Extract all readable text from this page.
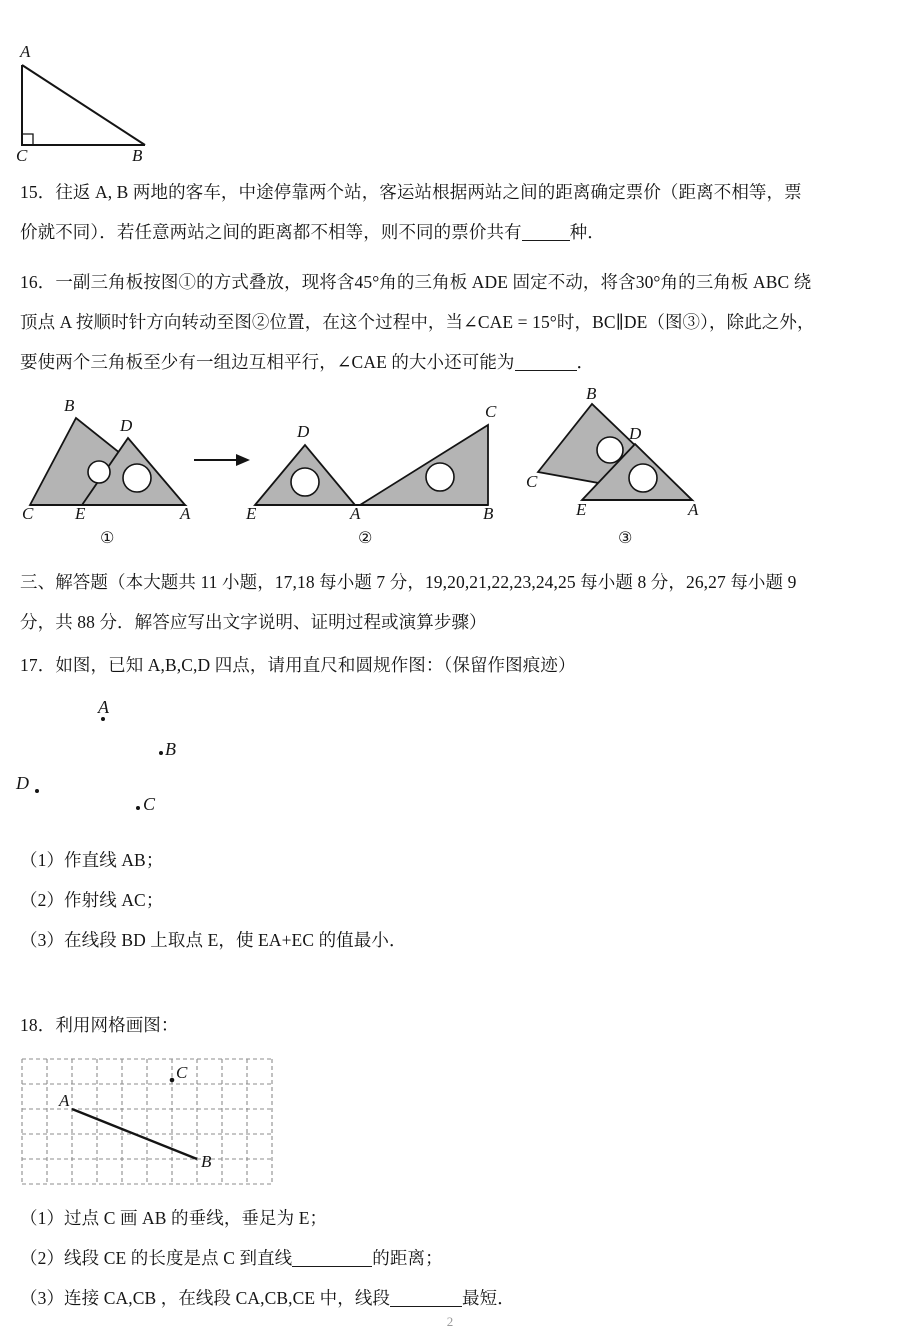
A
C	B
15．往返 A, B 两地的客车，中途停靠两个站，客运站根据两站之间的距离确定票价（距离不相等，票
价就不同）．若任意两站之间的距离都不相等，则不同的票价共有	种．
16．一副三角板按图①的方式叠放，现将含45°角的三角板 ADE 固定不动，将含30°角的三角板 ABC 绕
顶点 A 按顺时针方向转动至图②位置，在这个过程中，当∠CAE = 15°时，BC∥DE（图③），除此之外，
要使两个三角板至少有一组边互相平行，∠CAE 的大小还可能为	．
B
D
C E	A
①
D
C
E	A	B
②
B
D
C
E	A
③
三、解答题（本大题共 11 小题，17,18 每小题 7 分，19,20,21,22,23,24,25 每小题 8 分，26,27 每小题 9
分，共 88 分．解答应写出文字说明、证明过程或演算步骤）
17．如图，已知 A,B,C,D 四点，请用直尺和圆规作图：（保留作图痕迹）
A
B
D
C
（1）作直线 AB；
（2）作射线 AC；
（3）在线段 BD 上取点 E，使 EA+EC 的值最小．
18．利用网格画图：
A
B
C
（1）过点 C 画 AB 的垂线，垂足为 E；
（2）线段 CE 的长度是点 C 到直线	的距离；
（3）连接 CA,CB ，在线段 CA,CB,CE 中，线段	最短．
2
